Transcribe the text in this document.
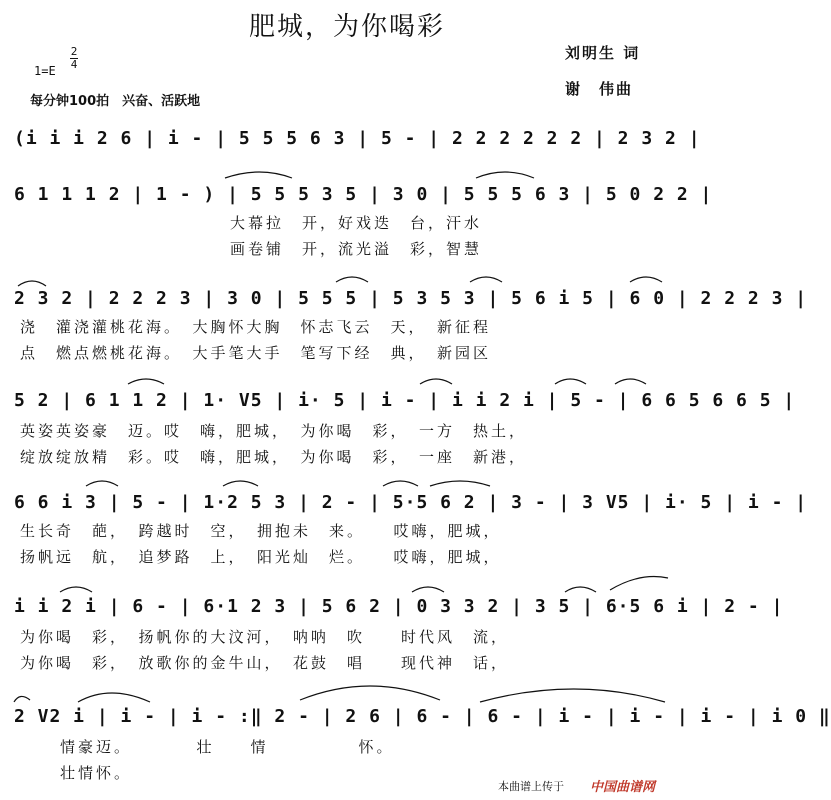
肥城，为你喝彩
1=E
2
4
每分钟100拍　兴奋、活跃地
刘明生 词
谢　伟曲
(i i i 2 6 | i - | 5 5 5 6 3 | 5 - | 2 2 2 2 2 2 | 2 3 2 |
6 1 1 1 2 | 1 - ) | 5 5 5 3 5 | 3 0 | 5 5 5 6 3 | 5 0 2 2 |
大幕拉　开，好戏迭　台，汗水
画卷铺　开，流光溢　彩，智慧
2 3 2 | 2 2 2 3 | 3 0 | 5 5 5 | 5 3 5 3 | 5 6 i 5 | 6 0 | 2 2 2 3 |
浇　灌浇灌桃花海。　大胸怀大胸　怀志飞云　天，　新征程
点　燃点燃桃花海。　大手笔大手　笔写下经　典，　新园区
5 2 | 6 1 1 2 | 1· V5 | i· 5 | i - | i i 2 i | 5 - | 6 6 5 6 6 5 |
英姿英姿豪　迈。哎　嗨，肥城，　为你喝　彩，　一方　热土，
绽放绽放精　彩。哎　嗨，肥城，　为你喝　彩，　一座　新港，
6 6 i 3 | 5 - | 1·2 5 3 | 2 - | 5·5 6 2 | 3 - | 3 V5 | i· 5 | i - |
生长奇　葩，　跨越时　空，　拥抱未　来。　　哎嗨，肥城，
扬帆远　航，　追梦路　上，　阳光灿　烂。　　哎嗨，肥城，
i i 2 i | 6 - | 6·1 2 3 | 5 6 2 | 0 3 3 2 | 3 5 | 6·5 6 i | 2 - |
为你喝　彩，　扬帆你的大汶河，　呐呐　吹　　时代风　流，
为你喝　彩，　放歌你的金牛山，　花鼓　唱　　现代神　话，
2 V2 i | i - | i - :‖ 2 - | 2 6 | 6 - | 6 - | i - | i - | i - | i 0 ‖
情豪迈。　　　　壮　　情　　　　　怀。
壮情怀。
本曲谱上传于 中国曲谱网
